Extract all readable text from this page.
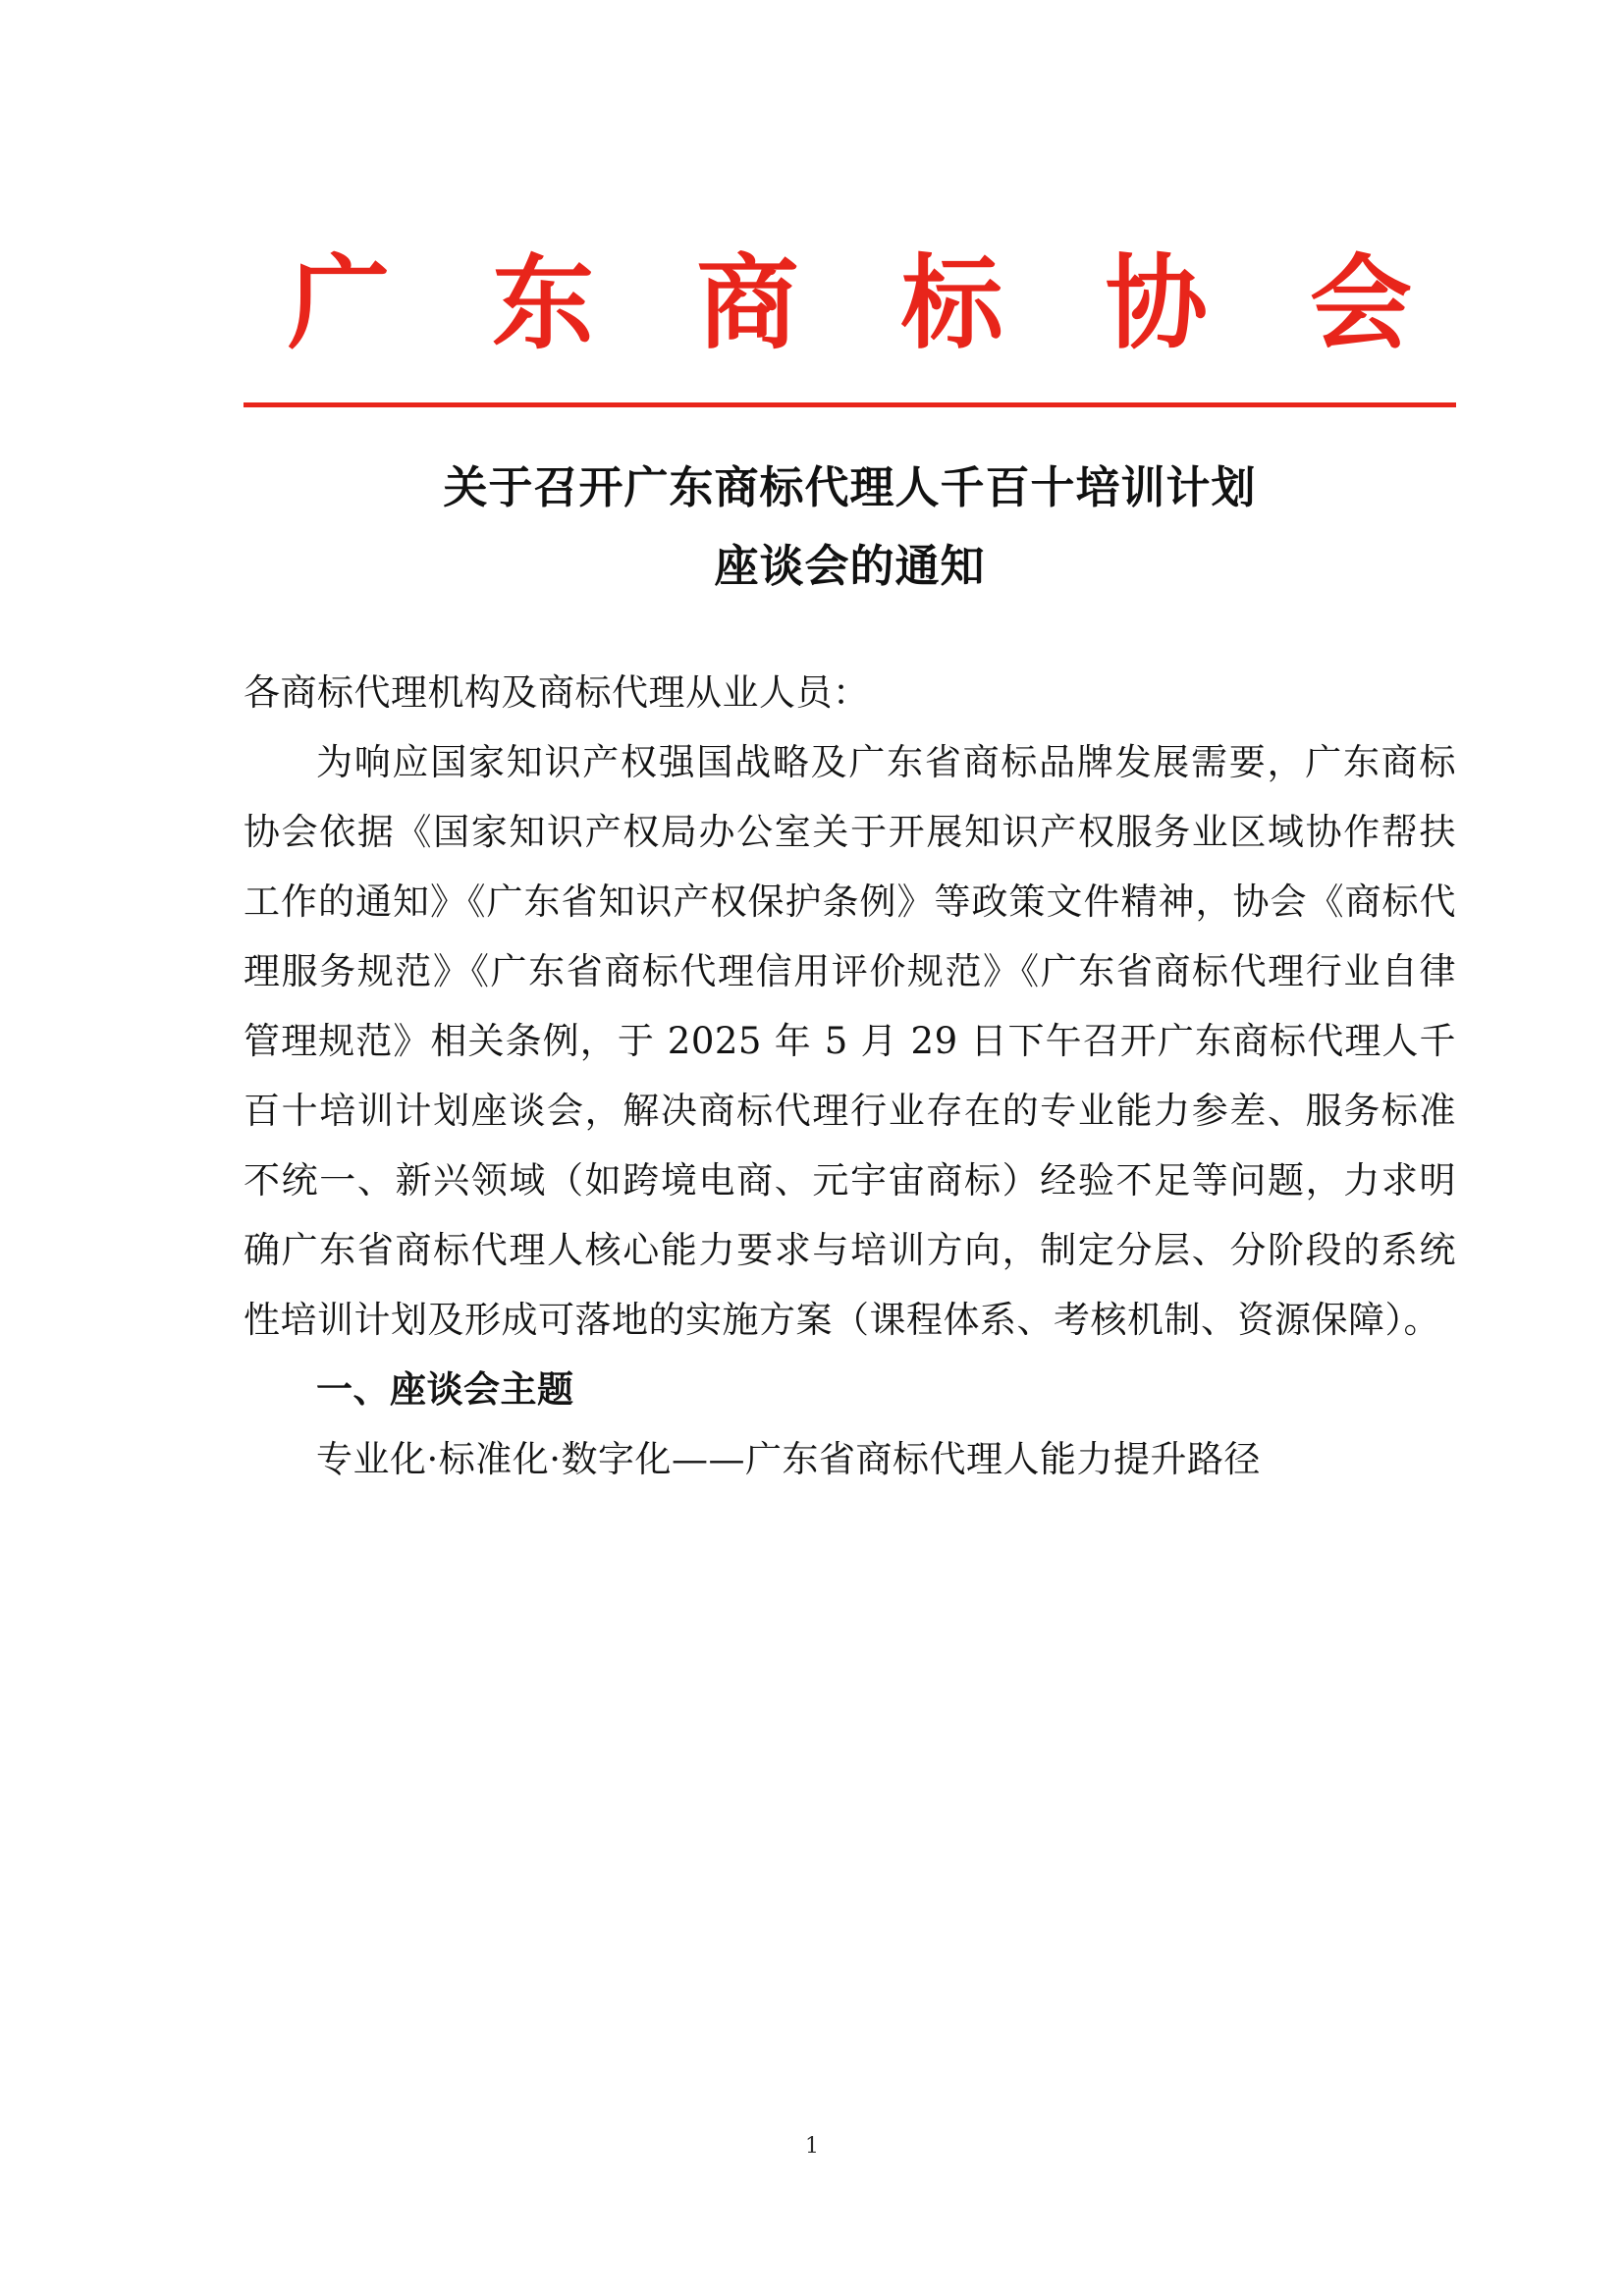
广 东 商 标 协 会
关于召开广东商标代理人千百十培训计划
座谈会的通知

各商标代理机构及商标代理从业人员：

为响应国家知识产权强国战略及广东省商标品牌发展需要，广东商标协会依据《国家知识产权局办公室关于开展知识产权服务业区域协作帮扶工作的通知》《广东省知识产权保护条例》等政策文件精神，协会《商标代理服务规范》《广东省商标代理信用评价规范》《广东省商标代理行业自律管理规范》相关条例，于 2025 年 5 月 29 日下午召开广东商标代理人千百十培训计划座谈会，解决商标代理行业存在的专业能力参差、服务标准不统一、新兴领域（如跨境电商、元宇宙商标）经验不足等问题，力求明确广东省商标代理人核心能力要求与培训方向，制定分层、分阶段的系统性培训计划及形成可落地的实施方案（课程体系、考核机制、资源保障）。

一、座谈会主题

专业化·标准化·数字化——广东省商标代理人能力提升路径

1
